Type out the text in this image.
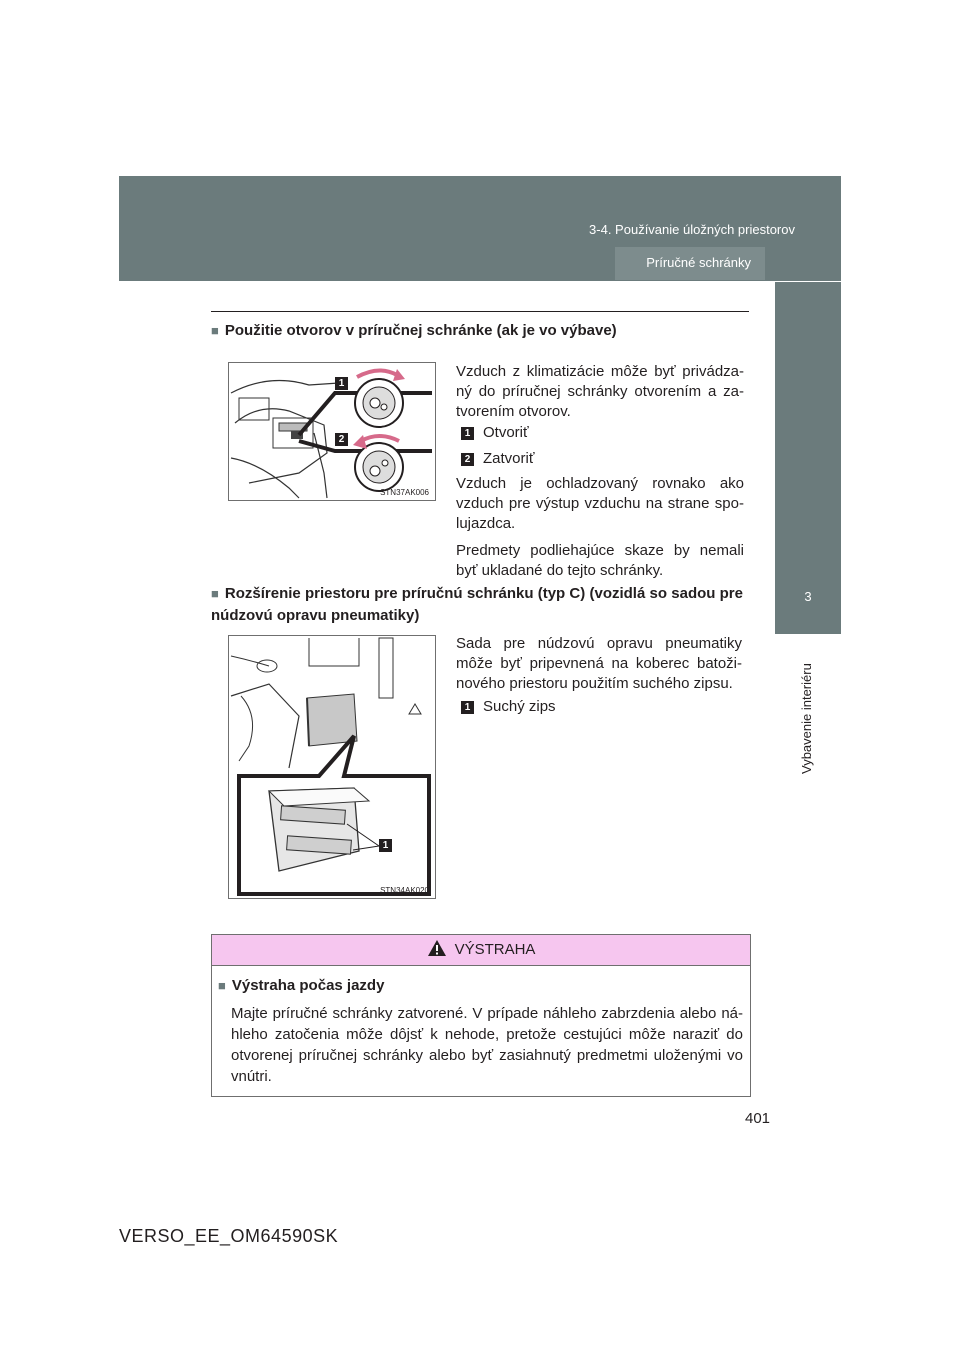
3-4. Používanie úložných priestorov
Príručné schránky
3
Vybavenie interiéru
■ Použitie otvorov v príručnej schránke (ak je vo výbave)
1
2
STN37AK006
Vzduch z klimatizácie môže byť privádza-ný do príručnej schránky otvorením a za-tvorením otvorov.
1 Otvoriť
2 Zatvoriť
Vzduch je ochladzovaný rovnako ako vzduch pre výstup vzduchu na strane spo-lujazdca.
Predmety podliehajúce skaze by nemali byť ukladané do tejto schránky.
■ Rozšírenie priestoru pre príručnú schránku (typ C) (vozidlá so sadou pre núdzovú opravu pneumatiky)
1
STN34AK020
Sada pre núdzovú opravu pneumatiky môže byť pripevnená na koberec batoži-nového priestoru použitím suchého zipsu.
1 Suchý zips
VÝSTRAHA
■ Výstraha počas jazdy
Majte príručné schránky zatvorené. V prípade náhleho zabrzdenia alebo ná-hleho zatočenia môže dôjsť k nehode, pretože cestujúci môže naraziť do otvorenej príručnej schránky alebo byť zasiahnutý predmetmi uloženými vo vnútri.
401
VERSO_EE_OM64590SK
